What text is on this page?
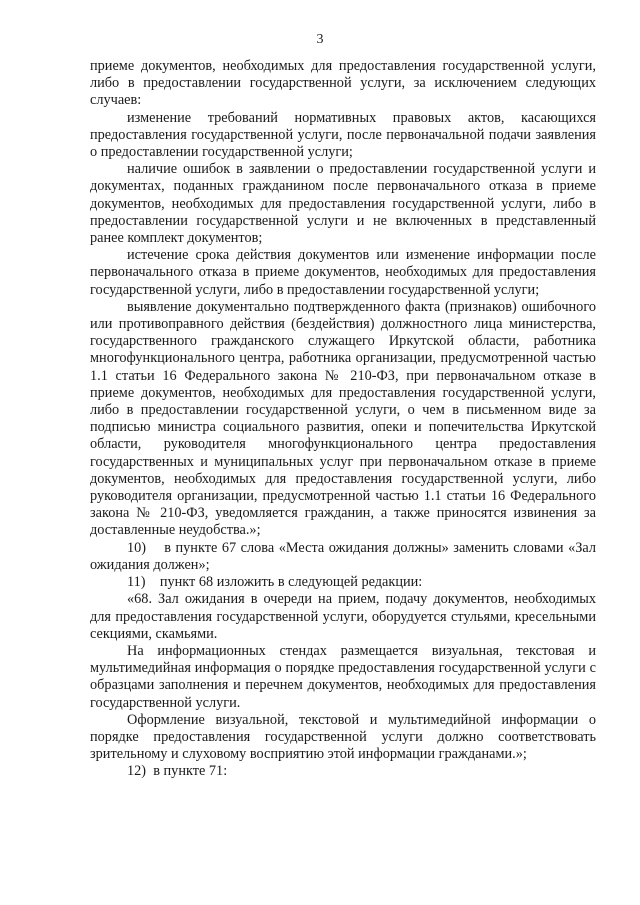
3

приеме документов, необходимых для предоставления государственной услуги, либо в предоставлении государственной услуги, за исключением следующих случаев:

изменение требований нормативных правовых актов, касающихся предоставления государственной услуги, после первоначальной подачи заявления о предоставлении государственной услуги;

наличие ошибок в заявлении о предоставлении государственной услуги и документах, поданных гражданином после первоначального отказа в приеме документов, необходимых для предоставления государственной услуги, либо в предоставлении государственной услуги и не включенных в представленный ранее комплект документов;

истечение срока действия документов или изменение информации после первоначального отказа в приеме документов, необходимых для предоставления государственной услуги, либо в предоставлении государственной услуги;

выявление документально подтвержденного факта (признаков) ошибочного или противоправного действия (бездействия) должностного лица министерства, государственного гражданского служащего Иркутской области, работника многофункционального центра, работника организации, предусмотренной частью 1.1 статьи 16 Федерального закона № 210-ФЗ, при первоначальном отказе в приеме документов, необходимых для предоставления государственной услуги, либо в предоставлении государственной услуги, о чем в письменном виде за подписью министра социального развития, опеки и попечительства Иркутской области, руководителя многофункционального центра предоставления государственных и муниципальных услуг при первоначальном отказе в приеме документов, необходимых для предоставления государственной услуги, либо руководителя организации, предусмотренной частью 1.1 статьи 16 Федерального закона № 210-ФЗ, уведомляется гражданин, а также приносятся извинения за доставленные неудобства.»;

10)    в пункте 67 слова «Места ожидания должны» заменить словами «Зал ожидания должен»;

11)    пункт 68 изложить в следующей редакции:

«68. Зал ожидания в очереди на прием, подачу документов, необходимых для предоставления государственной услуги, оборудуется стульями, кресельными секциями, скамьями.

На информационных стендах размещается визуальная, текстовая и мультимедийная информация о порядке предоставления государственной услуги с образцами заполнения и перечнем документов, необходимых для предоставления государственной услуги.

Оформление визуальной, текстовой и мультимедийной информации о порядке предоставления государственной услуги должно соответствовать зрительному и слуховому восприятию этой информации гражданами.»;

12)  в пункте 71:
